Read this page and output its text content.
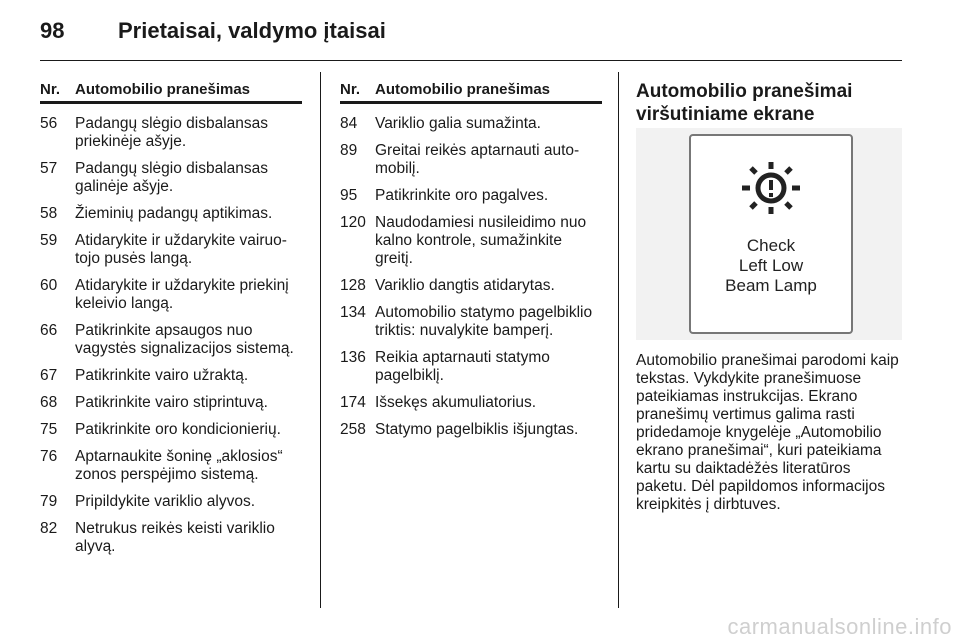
98 Prietaisai, valdymo įtaisai
Nr. Automobilio pranešimas
56	Padangų slėgio disbalansas priekinėje ašyje.
57	Padangų slėgio disbalansas galinėje ašyje.
58	Žieminių padangų aptikimas.
59	Atidarykite ir uždarykite vairuo-tojo pusės langą.
60	Atidarykite ir uždarykite priekinį keleivio langą.
66	Patikrinkite apsaugos nuo vagystės signalizacijos sistemą.
67	Patikrinkite vairo užraktą.
68	Patikrinkite vairo stiprintuvą.
75	Patikrinkite oro kondicionierių.
76	Aptarnaukite šoninę „aklosios“ zonos perspėjimo sistemą.
79	Pripildykite variklio alyvos.
82	Netrukus reikės keisti variklio alyvą.
Nr. Automobilio pranešimas
84	Variklio galia sumažinta.
89	Greitai reikės aptarnauti auto-mobilį.
95	Patikrinkite oro pagalves.
120 Naudodamiesi nusileidimo nuo kalno kontrole, sumažinkite greitį.
128 Variklio dangtis atidarytas.
134 Automobilio statymo pagelbiklio triktis: nuvalykite bamperį.
136 Reikia aptarnauti statymo pagelbiklį.
174 Išsekęs akumuliatorius.
258 Statymo pagelbiklis išjungtas.
Automobilio pranešimai
viršutiniame ekrane
Check
Left Low
Beam Lamp

Automobilio pranešimai parodomi kaip tekstas. Vykdykite pranešimuose pateikiamas instrukcijas. Ekrano pranešimų vertimus galima rasti pridedamoje knygelėje „Automobilio ekrano pranešimai“, kuri pateikiama kartu su daiktadėžės literatūros paketu. Dėl papildomos informacijos kreipkitės į dirbtuves.

carmanualsonline.info
